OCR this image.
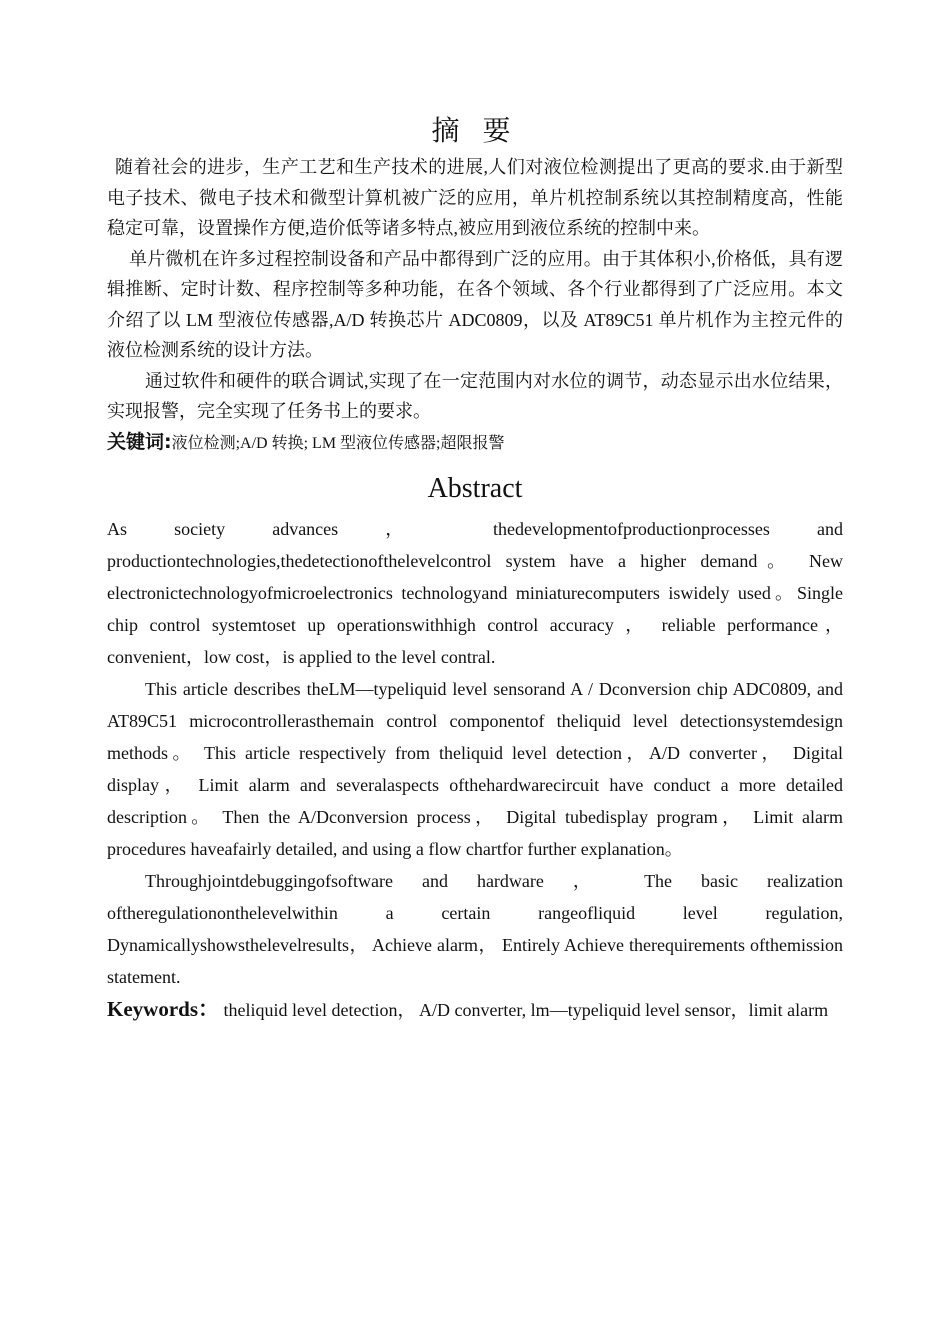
摘 要

随着社会的进步，生产工艺和生产技术的进展,人们对液位检测提出了更高的要求.由于新型电子技术、微电子技术和微型计算机被广泛的应用，单片机控制系统以其控制精度高，性能稳定可靠，设置操作方便,造价低等诸多特点,被应用到液位系统的控制中来。

单片微机在许多过程控制设备和产品中都得到广泛的应用。由于其体积小,价格低，具有逻辑推断、定时计数、程序控制等多种功能，在各个领域、各个行业都得到了广泛应用。本文介绍了以 LM 型液位传感器,A/D 转换芯片 ADC0809，以及 AT89C51 单片机作为主控元件的液位检测系统的设计方法。

通过软件和硬件的联合调试,实现了在一定范围内对水位的调节，动态显示出水位结果，实现报警，完全实现了任务书上的要求。

关键词:液位检测;A/D 转换; LM 型液位传感器;超限报警

Abstract

As society advances ， thedevelopmentofproductionprocesses and productiontechnologies,thedetectionofthelevelcontrol system have a higher demand。 New electronictechnologyofmicroelectronics technologyand miniaturecomputers iswidely used。Single chip control systemtoset up operationswithhigh control accuracy ， reliable performance， convenient，low cost，is applied to the level contral.

This article describes theLM—typeliquid level sensorand A / Dconversion chip ADC0809, and AT89C51 microcontrollerasthemain control componentof theliquid level detectionsystemdesign methods。 This article respectively from theliquid level detection，A/D converter， Digital display， Limit alarm and severalaspects ofthehardwarecircuit have conduct a more detailed description。 Then the A/Dconversion process， Digital tubedisplay program， Limit alarm procedures haveafairly detailed, and using a flow chartfor further explanation。

Throughjointdebuggingofsoftware and hardware ， The basic realization oftheregulationonthelevelwithin a certain rangeofliquid level regulation, Dynamicallyshowsthelevelresults， Achieve alarm， Entirely Achieve therequirements ofthemission statement.

Keywords： theliquid level detection， A/D converter, lm—typeliquid level sensor，limit alarm
